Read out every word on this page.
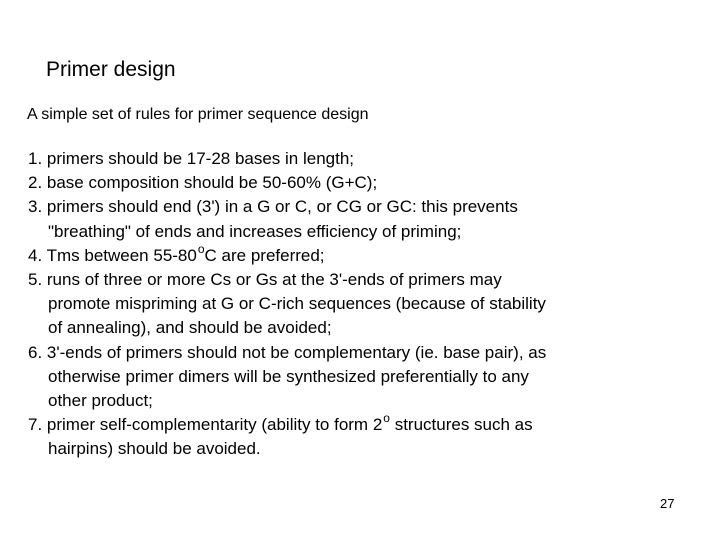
Primer design
A simple set of rules for primer sequence design
1. primers should be 17-28 bases in length;
2. base composition should be 50-60% (G+C);
3. primers should end (3') in a G or C, or CG or GC: this prevents
"breathing" of ends and increases efficiency of priming;
4. Tms between 55-80$^o$C are preferred;
5. runs of three or more Cs or Gs at the 3'-ends of primers may
promote mispriming at G or C-rich sequences (because of stability
of annealing), and should be avoided;
6. 3'-ends of primers should not be complementary (ie. base pair), as
otherwise primer dimers will be synthesized preferentially to any
other product;
7. primer self-complementarity (ability to form 2$^o$ structures such as
hairpins) should be avoided.
27
